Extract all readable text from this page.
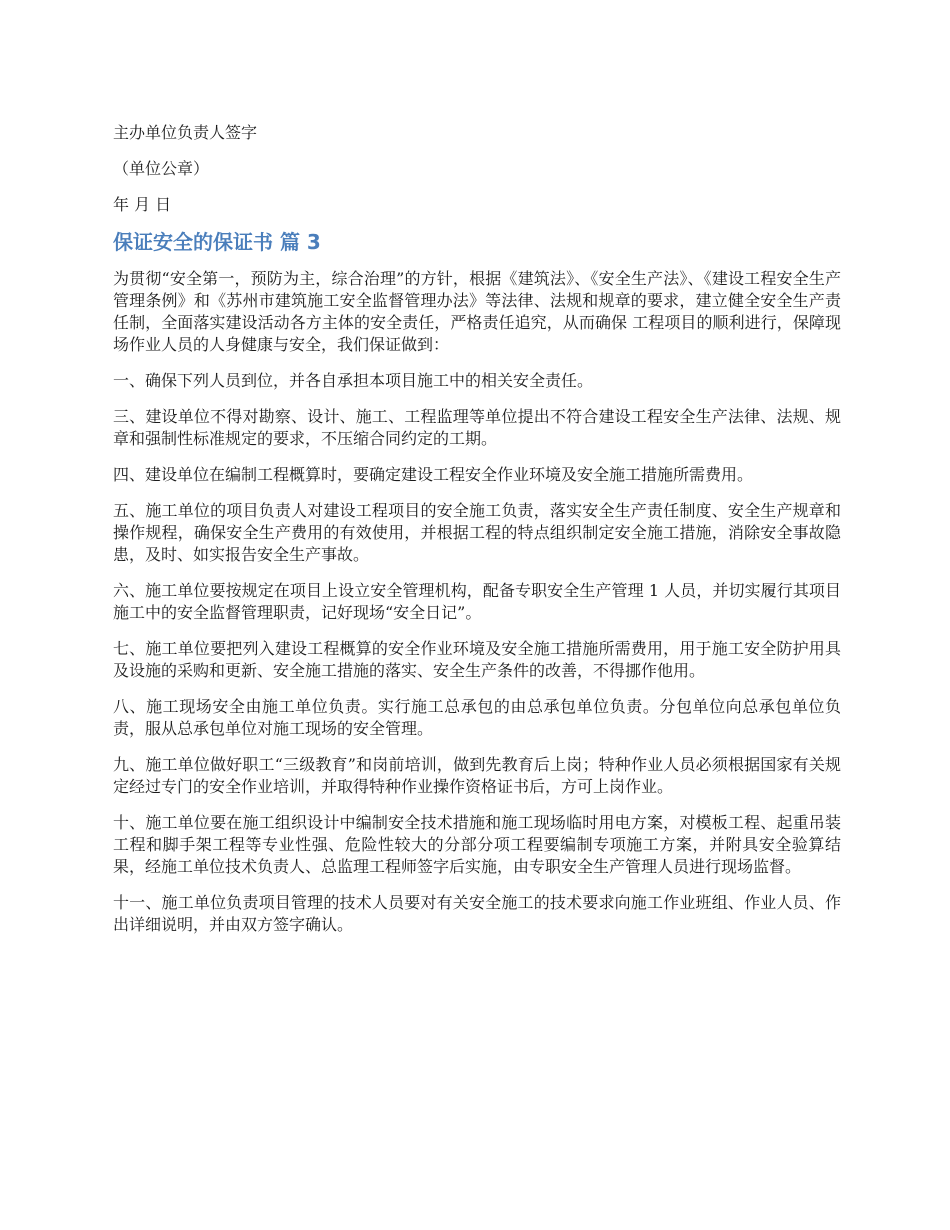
主办单位负责人签字

（单位公章）

年 月 日

保证安全的保证书 篇 3

为贯彻“安全第一，预防为主，综合治理”的方针，根据《建筑法》、《安全生产法》、《建设工程安全生产管理条例》和《苏州市建筑施工安全监督管理办法》等法律、法规和规章的要求，建立健全安全生产责任制，全面落实建设活动各方主体的安全责任，严格责任追究，从而确保 工程项目的顺利进行，保障现场作业人员的人身健康与安全，我们保证做到：

一、确保下列人员到位，并各自承担本项目施工中的相关安全责任。

三、建设单位不得对勘察、设计、施工、工程监理等单位提出不符合建设工程安全生产法律、法规、规章和强制性标准规定的要求，不压缩合同约定的工期。

四、建设单位在编制工程概算时，要确定建设工程安全作业环境及安全施工措施所需费用。

五、施工单位的项目负责人对建设工程项目的安全施工负责，落实安全生产责任制度、安全生产规章和操作规程，确保安全生产费用的有效使用，并根据工程的特点组织制定安全施工措施，消除安全事故隐患，及时、如实报告安全生产事故。

六、施工单位要按规定在项目上设立安全管理机构，配备专职安全生产管理 1 人员，并切实履行其项目施工中的安全监督管理职责，记好现场“安全日记”。

七、施工单位要把列入建设工程概算的安全作业环境及安全施工措施所需费用，用于施工安全防护用具及设施的采购和更新、安全施工措施的落实、安全生产条件的改善，不得挪作他用。

八、施工现场安全由施工单位负责。实行施工总承包的由总承包单位负责。分包单位向总承包单位负责，服从总承包单位对施工现场的安全管理。

九、施工单位做好职工“三级教育”和岗前培训，做到先教育后上岗；特种作业人员必须根据国家有关规定经过专门的安全作业培训，并取得特种作业操作资格证书后，方可上岗作业。

十、施工单位要在施工组织设计中编制安全技术措施和施工现场临时用电方案，对模板工程、起重吊装工程和脚手架工程等专业性强、危险性较大的分部分项工程要编制专项施工方案，并附具安全验算结果，经施工单位技术负责人、总监理工程师签字后实施，由专职安全生产管理人员进行现场监督。

十一、施工单位负责项目管理的技术人员要对有关安全施工的技术要求向施工作业班组、作业人员、作出详细说明，并由双方签字确认。
